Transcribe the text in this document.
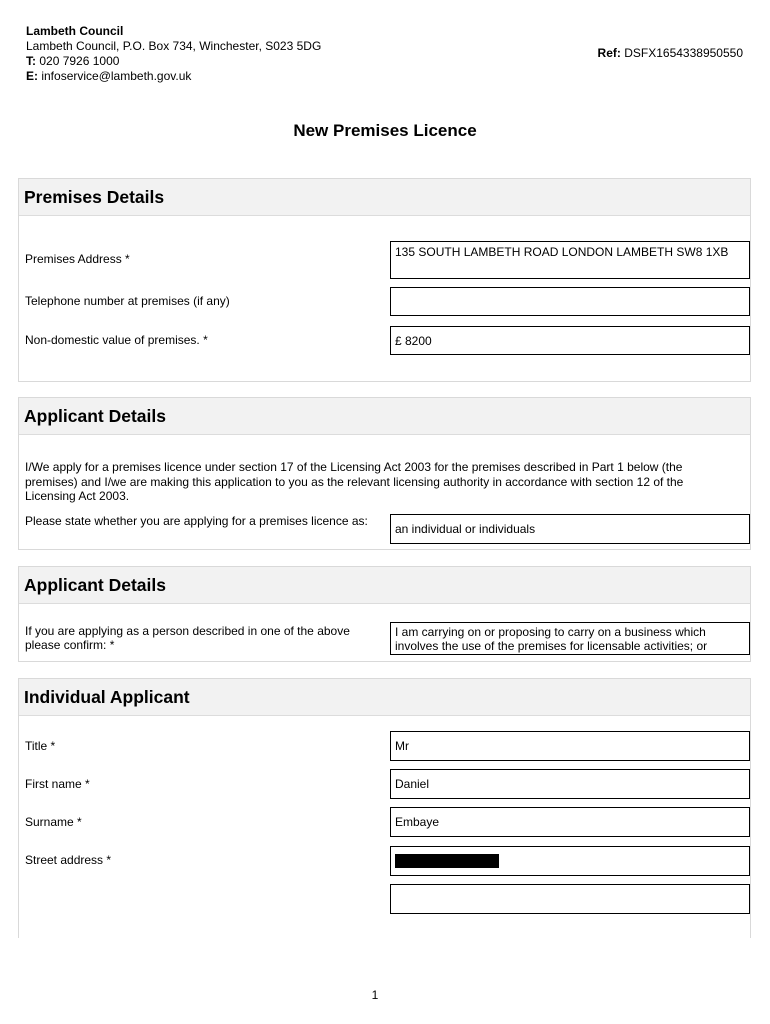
Lambeth Council
Lambeth Council, P.O. Box 734, Winchester, S023 5DG
T: 020 7926 1000
E: infoservice@lambeth.gov.uk
Ref: DSFX1654338950550
New Premises Licence
Premises Details
Premises Address *	135 SOUTH LAMBETH ROAD LONDON LAMBETH SW8 1XB
Telephone number at premises (if any)
Non-domestic value of premises. *	£ 8200
Applicant Details
I/We apply for a premises licence under section 17 of the Licensing Act 2003 for the premises described in Part 1 below (the premises) and I/we are making this application to you as the relevant licensing authority in accordance with section 12 of the Licensing Act 2003.
Please state whether you are applying for a premises licence as:
an individual or individuals
Applicant Details
If you are applying as a person described in one of the above please confirm: *
I am carrying on or proposing to carry on a business which involves the use of the premises for licensable activities; or
Individual Applicant
Title *	Mr
First name *	Daniel
Surname *	Embaye
Street address *
1
